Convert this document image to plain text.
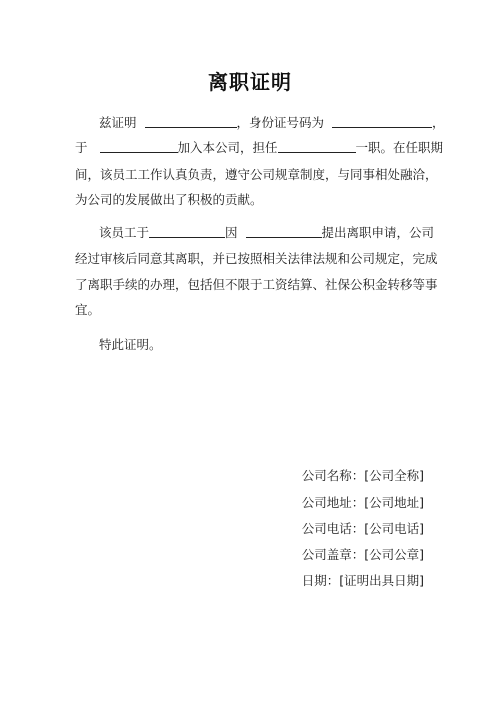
离职证明
兹证明	，身份证号码为	，
于	加入本公司，担任	一职。在任职期
间，该员工工作认真负责，遵守公司规章制度，与同事相处融洽，
为公司的发展做出了积极的贡献。
该员工于	因	提出离职申请，公司
经过审核后同意其离职，并已按照相关法律法规和公司规定，完成
了离职手续的办理，包括但不限于工资结算、社保公积金转移等事
宜。
特此证明。
公司名称：[公司全称]
公司地址：[公司地址]
公司电话：[公司电话]
公司盖章：[公司公章]
日期：[证明出具日期]
